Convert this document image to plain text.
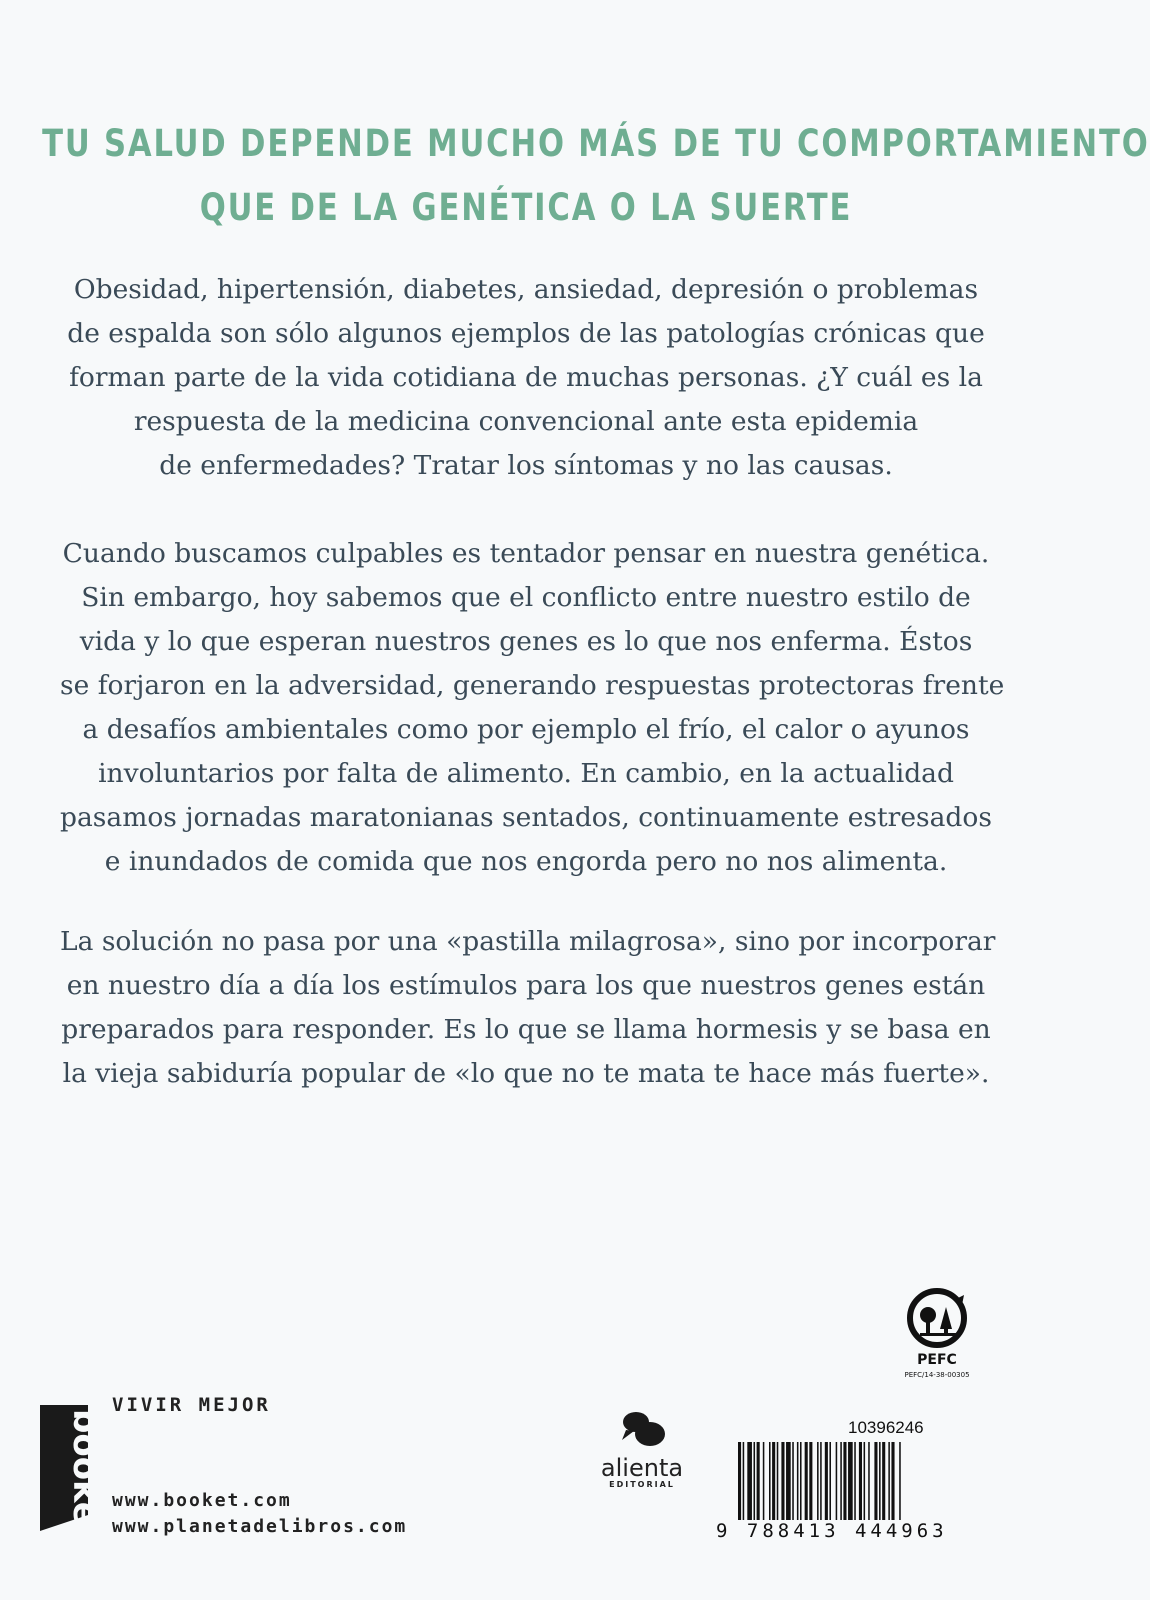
TU SALUD DEPENDE MUCHO MÁS DE TU COMPORTAMIENTO
QUE DE LA GENÉTICA O LA SUERTE
Obesidad, hipertensión, diabetes, ansiedad, depresión o problemas
de espalda son sólo algunos ejemplos de las patologías crónicas que
forman parte de la vida cotidiana de muchas personas. ¿Y cuál es la
respuesta de la medicina convencional ante esta epidemia
de enfermedades? Tratar los síntomas y no las causas.
Cuando buscamos culpables es tentador pensar en nuestra genética.
Sin embargo, hoy sabemos que el conflicto entre nuestro estilo de
vida y lo que esperan nuestros genes es lo que nos enferma. Éstos
se forjaron en la adversidad, generando respuestas protectoras frente
a desafíos ambientales como por ejemplo el frío, el calor o ayunos
involuntarios por falta de alimento. En cambio, en la actualidad
pasamos jornadas maratonianas sentados, continuamente estresados
e inundados de comida que nos engorda pero no nos alimenta.
La solución no pasa por una «pastilla milagrosa», sino por incorporar
en nuestro día a día los estímulos para los que nuestros genes están
preparados para responder. Es lo que se llama hormesis y se basa en
la vieja sabiduría popular de «lo que no te mata te hace más fuerte».
PEFC
PEFC/14-38-00305
VIVIR MEJOR
booket www.booket.com
www.planetadelibros.com
alienta
EDITORIAL
10396246
9 788413 444963
